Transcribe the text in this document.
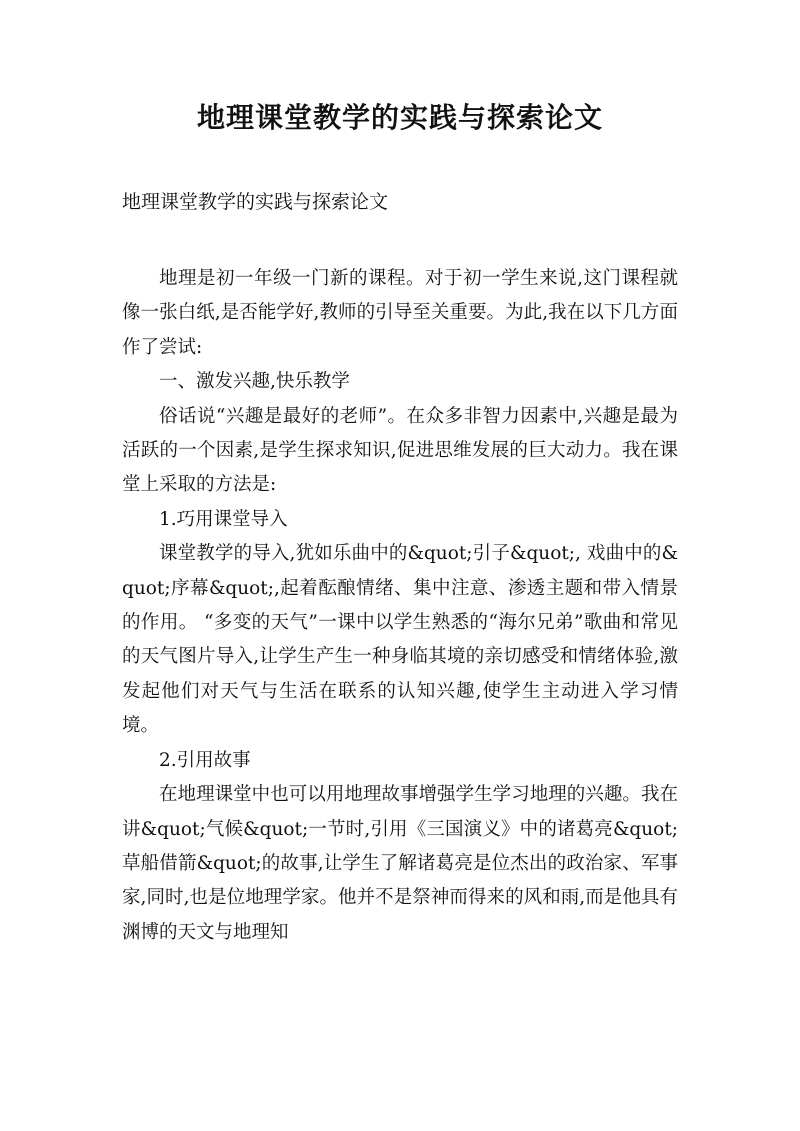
地理课堂教学的实践与探索论文

地理课堂教学的实践与探索论文

地理是初一年级一门新的课程。对于初一学生来说,这门课程就像一张白纸,是否能学好,教师的引导至关重要。为此,我在以下几方面作了尝试:

一、激发兴趣,快乐教学

俗话说“兴趣是最好的老师”。在众多非智力因素中,兴趣是最为活跃的一个因素,是学生探求知识,促进思维发展的巨大动力。我在课堂上采取的方法是:

1.巧用课堂导入

课堂教学的导入,犹如乐曲中的&quot;引子&quot;, 戏曲中的&quot;序幕&quot;,起着酝酿情绪、集中注意、渗透主题和带入情景的作用。 “多变的天气”一课中以学生熟悉的“海尔兄弟”歌曲和常见的天气图片导入,让学生产生一种身临其境的亲切感受和情绪体验,激发起他们对天气与生活在联系的认知兴趣,使学生主动进入学习情境。

2.引用故事

在地理课堂中也可以用地理故事增强学生学习地理的兴趣。我在讲&quot;气候&quot;一节时,引用《三国演义》中的诸葛亮&quot;草船借箭&quot;的故事,让学生了解诸葛亮是位杰出的政治家、军事家,同时,也是位地理学家。他并不是祭神而得来的风和雨,而是他具有渊博的天文与地理知
